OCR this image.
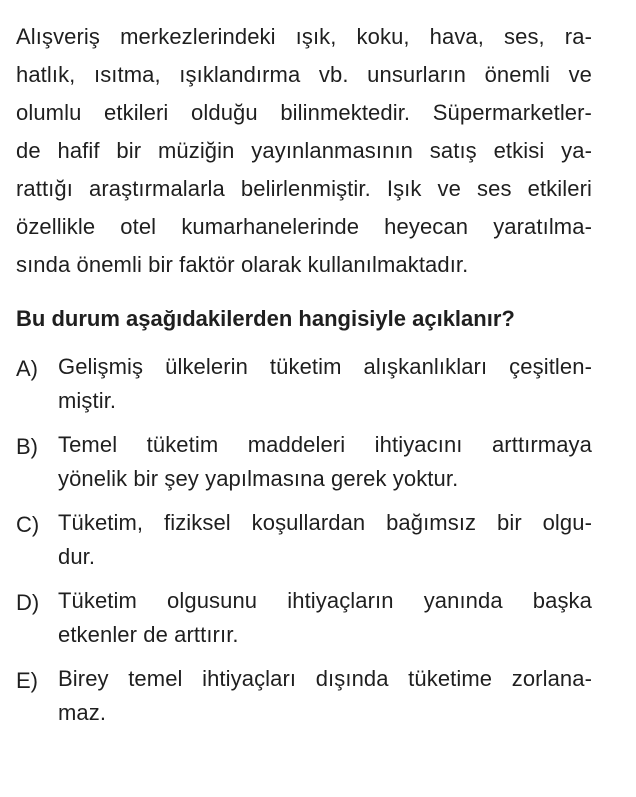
Alışveriş merkezlerindeki ışık, koku, hava, ses, ra-
hatlık, ısıtma, ışıklandırma vb. unsurların önemli ve
olumlu etkileri olduğu bilinmektedir. Süpermarketler-
de hafif bir müziğin yayınlanmasının satış etkisi ya-
rattığı araştırmalarla belirlenmiştir. Işık ve ses etkileri
özellikle otel kumarhanelerinde heyecan yaratılma-
sında önemli bir faktör olarak kullanılmaktadır.
Bu durum aşağıdakilerden hangisiyle açıklanır?
A) Gelişmiş ülkelerin tüketim alışkanlıkları çeşitlen-
miştir.
B) Temel tüketim maddeleri ihtiyacını arttırmaya
yönelik bir şey yapılmasına gerek yoktur.
C) Tüketim, fiziksel koşullardan bağımsız bir olgu-
dur.
D) Tüketim olgusunu ihtiyaçların yanında başka
etkenler de arttırır.
E) Birey temel ihtiyaçları dışında tüketime zorlana-
maz.
